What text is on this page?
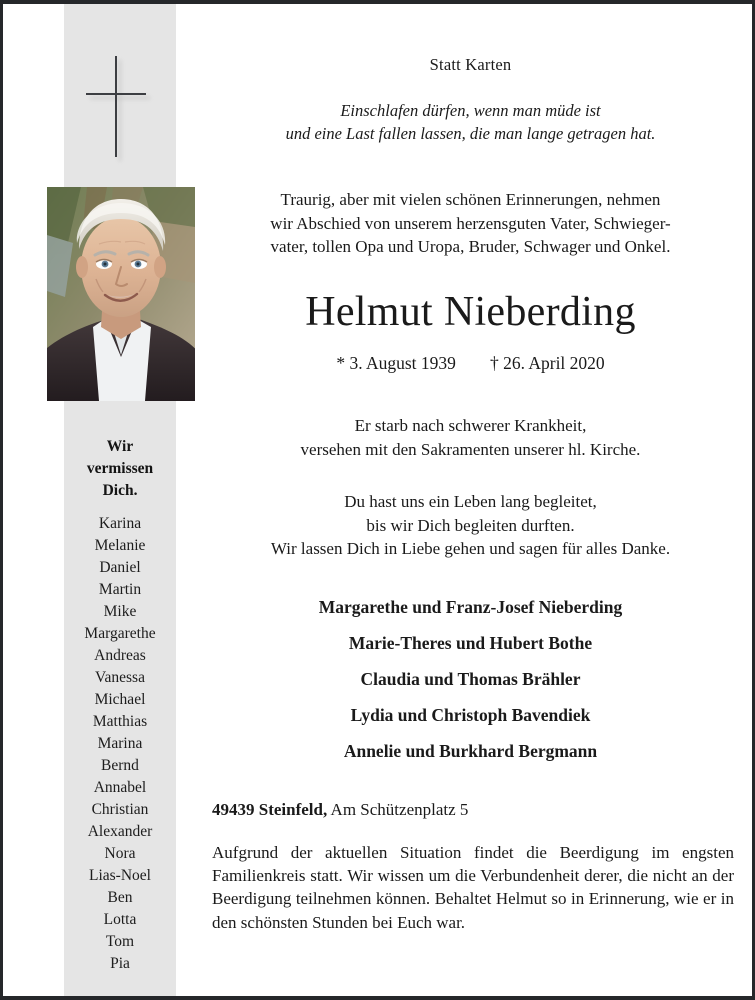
Wir
vermissen
Dich.
Karina
Melanie
Daniel
Martin
Mike
Margarethe
Andreas
Vanessa
Michael
Matthias
Marina
Bernd
Annabel
Christian
Alexander
Nora
Lias-Noel
Ben
Lotta
Tom
Pia
Statt Karten
Einschlafen dürfen, wenn man müde ist
und eine Last fallen lassen, die man lange getragen hat.
Traurig, aber mit vielen schönen Erinnerungen, nehmen
wir Abschied von unserem herzensguten Vater, Schwieger-
vater, tollen Opa und Uropa, Bruder, Schwager und Onkel.
Helmut Nieberding
* 3. August 1939 † 26. April 2020
Er starb nach schwerer Krankheit,
versehen mit den Sakramenten unserer hl. Kirche.
Du hast uns ein Leben lang begleitet,
bis wir Dich begleiten durften.
Wir lassen Dich in Liebe gehen und sagen für alles Danke.
Margarethe und Franz-Josef Nieberding
Marie-Theres und Hubert Bothe
Claudia und Thomas Brähler
Lydia und Christoph Bavendiek
Annelie und Burkhard Bergmann
49439 Steinfeld, Am Schützenplatz 5
Aufgrund der aktuellen Situation findet die Beerdigung im engsten Familienkreis statt. Wir wissen um die Verbundenheit derer, die nicht an der Beerdigung teilnehmen können. Behaltet Helmut so in Erinnerung, wie er in den schönsten Stunden bei Euch war.
